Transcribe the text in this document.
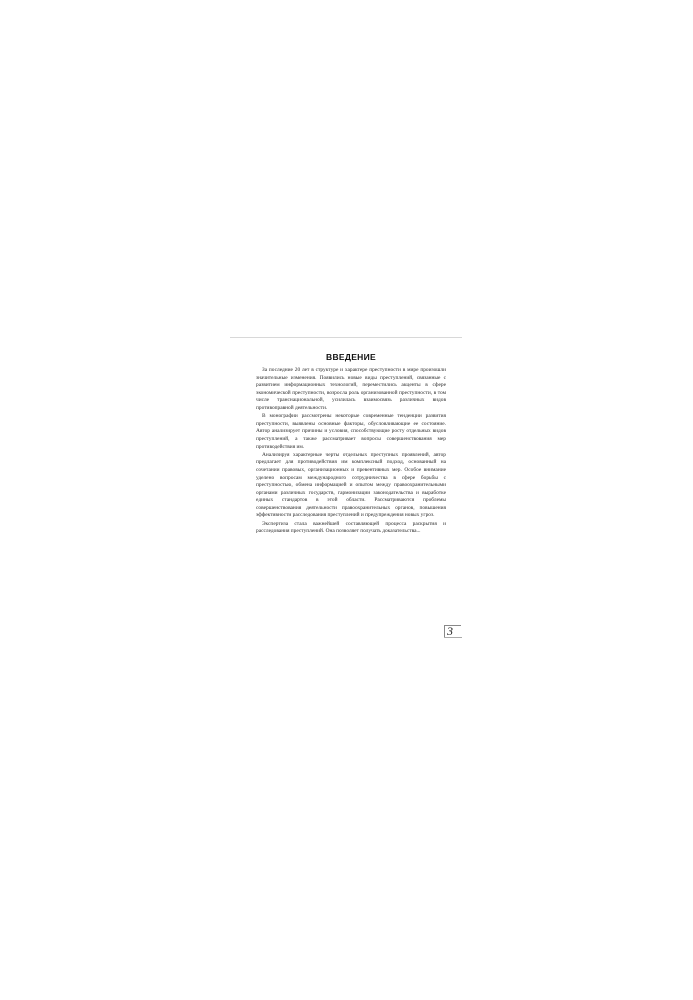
ВВЕДЕНИЕ

За последние 20 лет в структуре и характере преступности в мире произошли значительные изменения. Появились новые виды преступлений, связанные с развитием информационных технологий, переместились акценты в сфере экономической преступности, возросла роль организованной преступности, в том числе транснациональной, усилилась взаимосвязь различных видов противоправной деятельности.

В монографии рассмотрены некоторые современные тенденции развития преступности, выявлены основные факторы, обусловливающие ее состояние. Автор анализирует причины и условия, способствующие росту отдельных видов преступлений, а также рассматривает вопросы совершенствования мер противодействия им.

Анализируя характерные черты отдельных преступных проявлений, автор предлагает для противодействия им комплексный подход, основанный на сочетании правовых, организационных и превентивных мер. Особое внимание уделено вопросам международного сотрудничества в сфере борьбы с преступностью, обмена информацией и опытом между правоохранительными органами различных государств, гармонизации законодательства и выработке единых стандартов в этой области. Рассматриваются проблемы совершенствования деятельности правоохранительных органов, повышения эффективности расследования преступлений и предупреждения новых угроз.

Экспертиза стала важнейшей составляющей процесса раскрытия и расследования преступлений. Она позволяет получать доказательства...

3
